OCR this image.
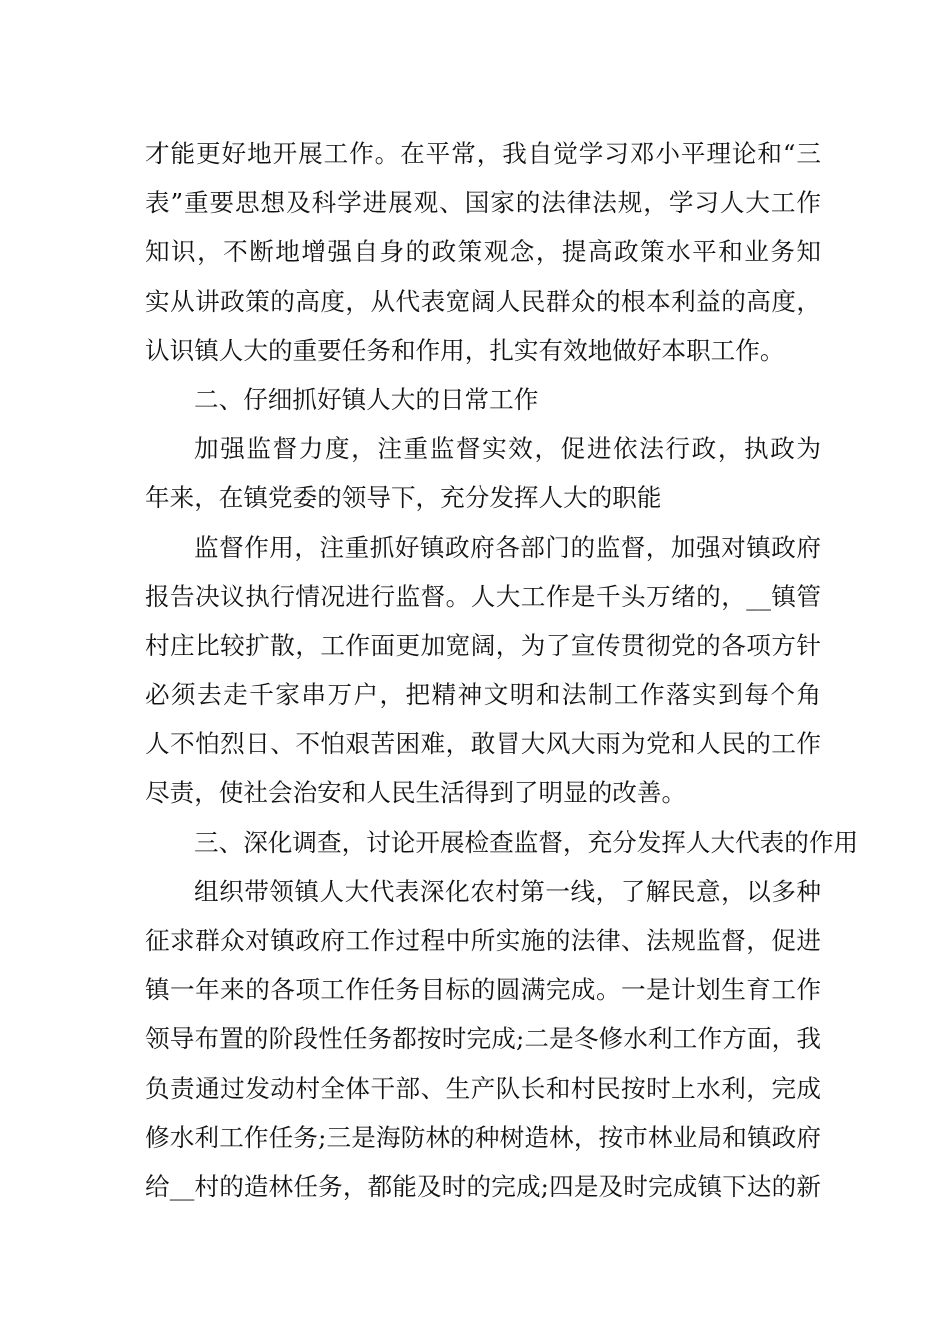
才能更好地开展工作。在平常，我自觉学习邓小平理论和“三
表”重要思想及科学进展观、国家的法律法规，学习人大工作
知识，不断地增强自身的政策观念，提高政策水平和业务知
实从讲政策的高度，从代表宽阔人民群众的根本利益的高度，
认识镇人大的重要任务和作用，扎实有效地做好本职工作。
二、仔细抓好镇人大的日常工作
加强监督力度，注重监督实效，促进依法行政，执政为
年来，在镇党委的领导下，充分发挥人大的职能
监督作用，注重抓好镇政府各部门的监督，加强对镇政府
报告决议执行情况进行监督。人大工作是千头万绪的，__镇管
村庄比较扩散，工作面更加宽阔，为了宣传贯彻党的各项方针
必须去走千家串万户，把精神文明和法制工作落实到每个角
人不怕烈日、不怕艰苦困难，敢冒大风大雨为党和人民的工作
尽责，使社会治安和人民生活得到了明显的改善。
三、深化调查，讨论开展检查监督，充分发挥人大代表的作用
组织带领镇人大代表深化农村第一线，了解民意，以多种
征求群众对镇政府工作过程中所实施的法律、法规监督，促进
镇一年来的各项工作任务目标的圆满完成。一是计划生育工作
领导布置的阶段性任务都按时完成;二是冬修水利工作方面，我
负责通过发动村全体干部、生产队长和村民按时上水利，完成
修水利工作任务;三是海防林的种树造林，按市林业局和镇政府
给__村的造林任务，都能及时的完成;四是及时完成镇下达的新
